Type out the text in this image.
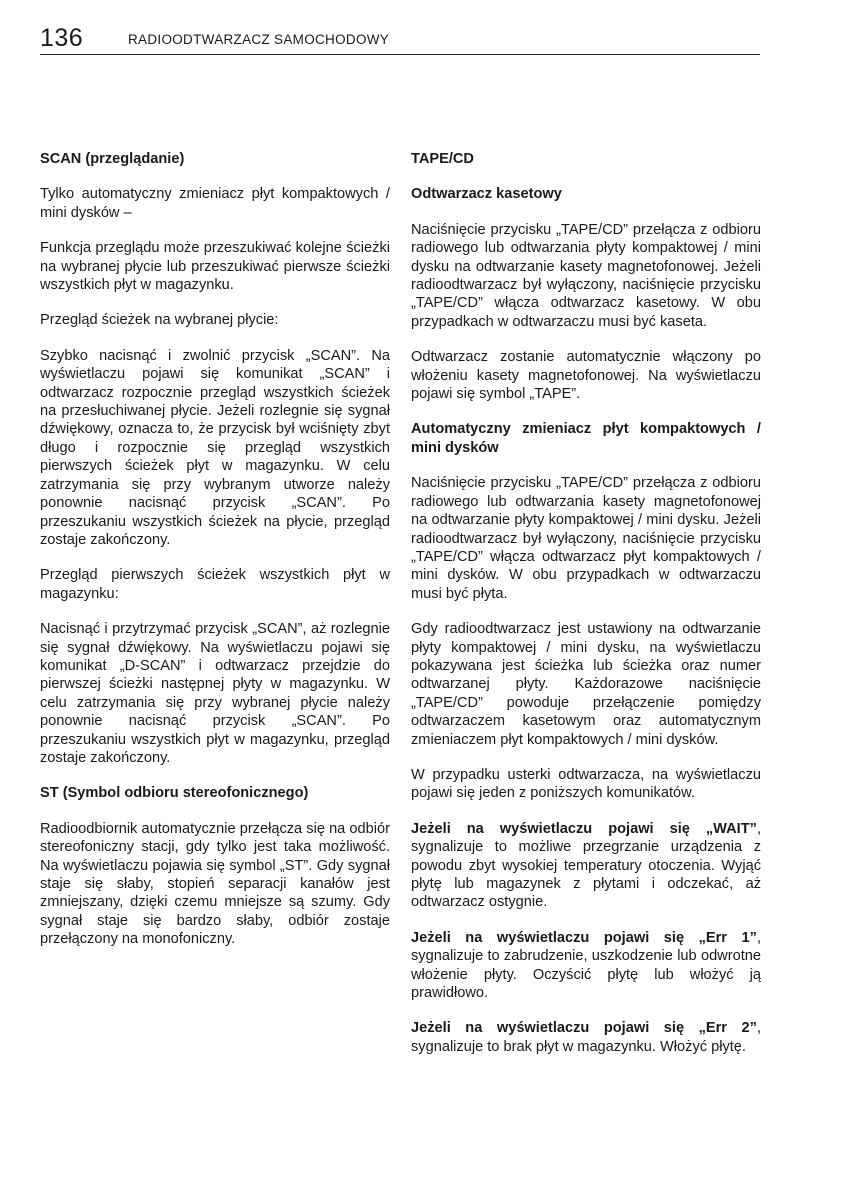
136	RADIOODTWARZACZ SAMOCHODOWY

SCAN (przeglądanie)

Tylko automatyczny zmieniacz płyt kompaktowych / mini dysków –

Funkcja przeglądu może przeszukiwać kolejne ścieżki na wybranej płycie lub przeszukiwać pierwsze ścieżki wszystkich płyt w magazynku.

Przegląd ścieżek na wybranej płycie:

Szybko nacisnąć i zwolnić przycisk „SCAN”. Na wyświetlaczu pojawi się komunikat „SCAN” i odtwarzacz rozpocznie przegląd wszystkich ścieżek na przesłuchiwanej płycie. Jeżeli rozlegnie się sygnał dźwiękowy, oznacza to, że przycisk był wciśnięty zbyt długo i rozpocznie się przegląd wszystkich pierwszych ścieżek płyt w magazynku. W celu zatrzymania się przy wybranym utworze należy ponownie nacisnąć przycisk „SCAN”. Po przeszukaniu wszystkich ścieżek na płycie, przegląd zostaje zakończony.

Przegląd pierwszych ścieżek wszystkich płyt w magazynku:

Nacisnąć i przytrzymać przycisk „SCAN”, aż rozlegnie się sygnał dźwiękowy. Na wyświetlaczu pojawi się komunikat „D-SCAN” i odtwarzacz przejdzie do pierwszej ścieżki następnej płyty w magazynku. W celu zatrzymania się przy wybranej płycie należy ponownie nacisnąć przycisk „SCAN”. Po przeszukaniu wszystkich płyt w magazynku, przegląd zostaje zakończony.

ST (Symbol odbioru stereofonicznego)

Radioodbiornik automatycznie przełącza się na odbiór stereofoniczny stacji, gdy tylko jest taka możliwość. Na wyświetlaczu pojawia się symbol „ST”. Gdy sygnał staje się słaby, stopień separacji kanałów jest zmniejszany, dzięki czemu mniejsze są szumy. Gdy sygnał staje się bardzo słaby, odbiór zostaje przełączony na monofoniczny.

TAPE/CD

Odtwarzacz kasetowy

Naciśnięcie przycisku „TAPE/CD” przełącza z odbioru radiowego lub odtwarzania płyty kompaktowej / mini dysku na odtwarzanie kasety magnetofonowej. Jeżeli radioodtwarzacz był wyłączony, naciśnięcie przycisku „TAPE/CD” włącza odtwarzacz kasetowy. W obu przypadkach w odtwarzaczu musi być kaseta.

Odtwarzacz zostanie automatycznie włączony po włożeniu kasety magnetofonowej. Na wyświetlaczu pojawi się symbol „TAPE”.

Automatyczny zmieniacz płyt kompaktowych / mini dysków

Naciśnięcie przycisku „TAPE/CD” przełącza z odbioru radiowego lub odtwarzania kasety magnetofonowej na odtwarzanie płyty kompaktowej / mini dysku. Jeżeli radioodtwarzacz był wyłączony, naciśnięcie przycisku „TAPE/CD” włącza odtwarzacz płyt kompaktowych / mini dysków. W obu przypadkach w odtwarzaczu musi być płyta.

Gdy radioodtwarzacz jest ustawiony na odtwarzanie płyty kompaktowej / mini dysku, na wyświetlaczu pokazywana jest ścieżka lub ścieżka oraz numer odtwarzanej płyty. Każdorazowe naciśnięcie „TAPE/CD” powoduje przełączenie pomiędzy odtwarzaczem kasetowym oraz automatycznym zmieniaczem płyt kompaktowych / mini dysków.

W przypadku usterki odtwarzacza, na wyświetlaczu pojawi się jeden z poniższych komunikatów.

Jeżeli na wyświetlaczu pojawi się „WAIT”, sygnalizuje to możliwe przegrzanie urządzenia z powodu zbyt wysokiej temperatury otoczenia. Wyjąć płytę lub magazynek z płytami i odczekać, aż odtwarzacz ostygnie.

Jeżeli na wyświetlaczu pojawi się „Err 1”, sygnalizuje to zabrudzenie, uszkodzenie lub odwrotne włożenie płyty. Oczyścić płytę lub włożyć ją prawidłowo.

Jeżeli na wyświetlaczu pojawi się „Err 2”, sygnalizuje to brak płyt w magazynku. Włożyć płytę.
